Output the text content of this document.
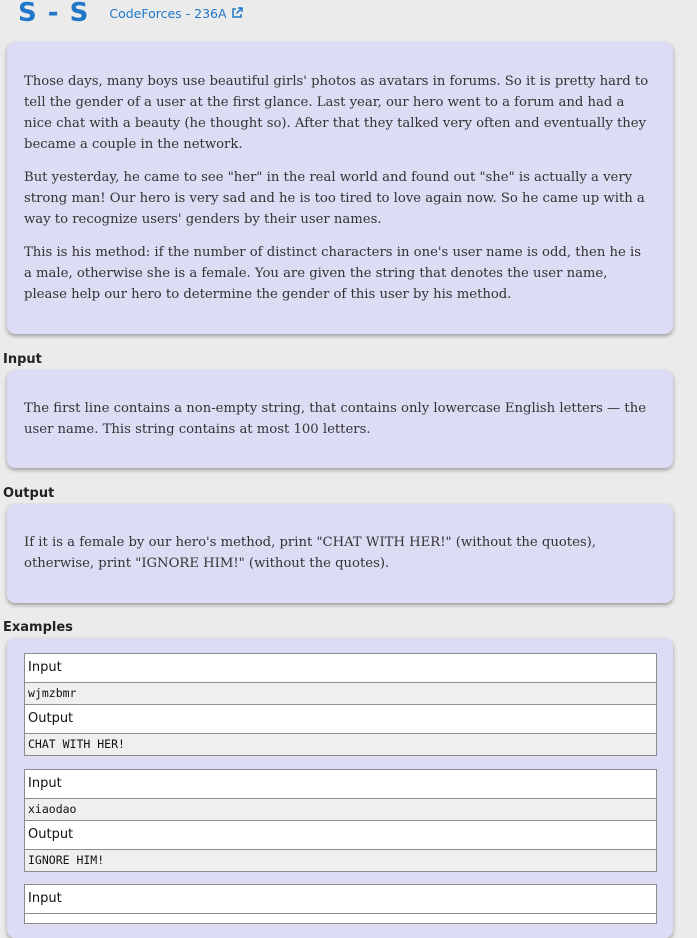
S - S CodeForces - 236A

Those days, many boys use beautiful girls' photos as avatars in forums. So it is pretty hard to tell the gender of a user at the first glance. Last year, our hero went to a forum and had a nice chat with a beauty (he thought so). After that they talked very often and eventually they became a couple in the network.

But yesterday, he came to see "her" in the real world and found out "she" is actually a very strong man! Our hero is very sad and he is too tired to love again now. So he came up with a way to recognize users' genders by their user names.

This is his method: if the number of distinct characters in one's user name is odd, then he is a male, otherwise she is a female. You are given the string that denotes the user name, please help our hero to determine the gender of this user by his method.

Input

The first line contains a non-empty string, that contains only lowercase English letters — the user name. This string contains at most 100 letters.

Output

If it is a female by our hero's method, print "CHAT WITH HER!" (without the quotes), otherwise, print "IGNORE HIM!" (without the quotes).

Examples
Input
wjmzbmr
Output
CHAT WITH HER!
Input
xiaodao
Output
IGNORE HIM!
Input
